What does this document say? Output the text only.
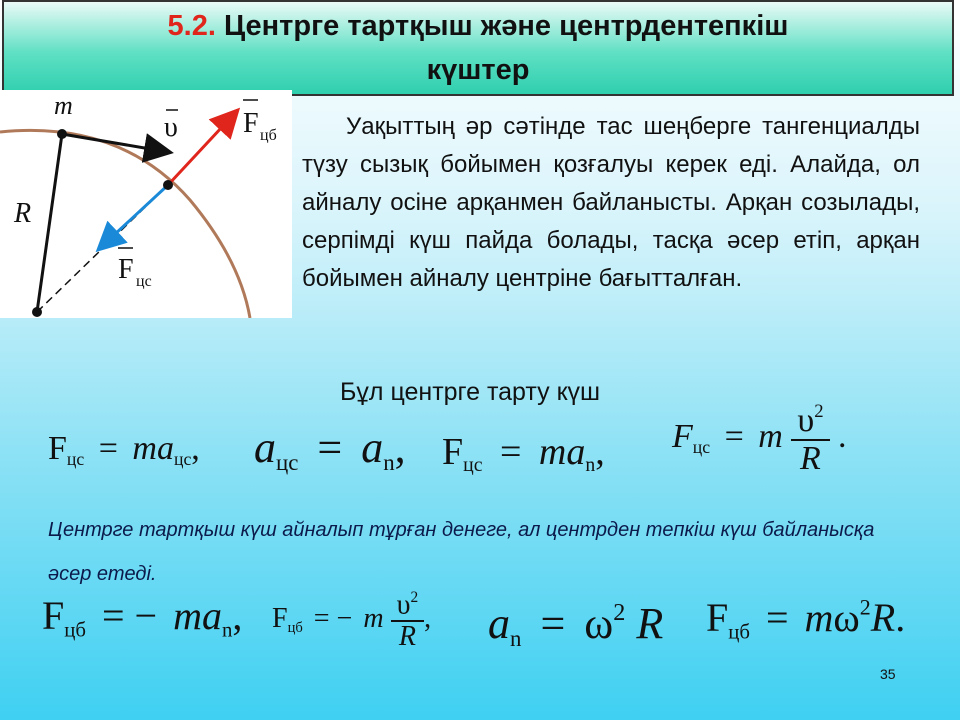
5.2. Центрге тартқыш және центрдентепкіш
күштер
m
R
υ F цб
F цс
Уақыттың әр сәтінде тас шеңберге тангенциалды түзу сызық бойымен қозғалуы керек еді. Алайда, ол айналу осіне арқанмен байланысты. Арқан созылады, серпімді күш пайда болады, тасқа әсер етіп, арқан бойымен айналу центріне бағытталған.
Бұл центрге тарту күш
$F_{цс} = ma_{цс}$, $a_{цс} = a_n$, $F_{цс} = ma_n$, $F_{цс} = m \frac{\upsilon^2}{R}$ .
Центрге тартқыш күш айналып тұрған денеге, ал центрден тепкіш күш байланысқа әсер етеді.
$F_{цб}$ = − $ma_n$, $F_{цб}$ = − m $\frac{\upsilon^2}{R}$ , $a_n = \omega^2$ R $F_{цб} = m\omega^2R$.
35
